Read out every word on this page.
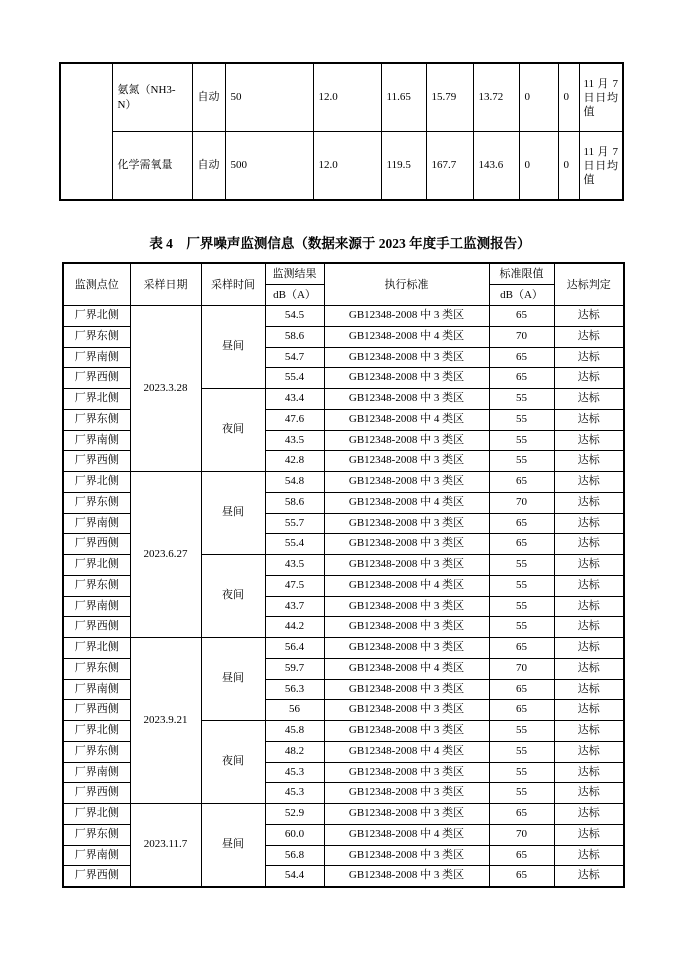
	氨氮（NH3-N）	自动	50	12.0	11.65	15.79	13.72	0	0	11 月 7 日日均值
	化学需氧量	自动	500	12.0	119.5	167.7	143.6	0	0	11 月 7 日日均值
表 4　厂界噪声监测信息（数据来源于 2023 年度手工监测报告）
监测点位	采样日期	采样时间	监测结果	执行标准	标准限值	达标判定
			dB（A）		dB（A）	
厂界北侧	2023.3.28	昼间	54.5	GB12348-2008 中 3 类区	65	达标
厂界东侧			58.6	GB12348-2008 中 4 类区	70	达标
厂界南侧			54.7	GB12348-2008 中 3 类区	65	达标
厂界西侧			55.4	GB12348-2008 中 3 类区	65	达标
厂界北侧		夜间	43.4	GB12348-2008 中 3 类区	55	达标
厂界东侧			47.6	GB12348-2008 中 4 类区	55	达标
厂界南侧			43.5	GB12348-2008 中 3 类区	55	达标
厂界西侧			42.8	GB12348-2008 中 3 类区	55	达标
厂界北侧	2023.6.27	昼间	54.8	GB12348-2008 中 3 类区	65	达标
厂界东侧			58.6	GB12348-2008 中 4 类区	70	达标
厂界南侧			55.7	GB12348-2008 中 3 类区	65	达标
厂界西侧			55.4	GB12348-2008 中 3 类区	65	达标
厂界北侧		夜间	43.5	GB12348-2008 中 3 类区	55	达标
厂界东侧			47.5	GB12348-2008 中 4 类区	55	达标
厂界南侧			43.7	GB12348-2008 中 3 类区	55	达标
厂界西侧			44.2	GB12348-2008 中 3 类区	55	达标
厂界北侧	2023.9.21	昼间	56.4	GB12348-2008 中 3 类区	65	达标
厂界东侧			59.7	GB12348-2008 中 4 类区	70	达标
厂界南侧			56.3	GB12348-2008 中 3 类区	65	达标
厂界西侧			56	GB12348-2008 中 3 类区	65	达标
厂界北侧		夜间	45.8	GB12348-2008 中 3 类区	55	达标
厂界东侧			48.2	GB12348-2008 中 4 类区	55	达标
厂界南侧			45.3	GB12348-2008 中 3 类区	55	达标
厂界西侧			45.3	GB12348-2008 中 3 类区	55	达标
厂界北侧	2023.11.7	昼间	52.9	GB12348-2008 中 3 类区	65	达标
厂界东侧			60.0	GB12348-2008 中 4 类区	70	达标
厂界南侧			56.8	GB12348-2008 中 3 类区	65	达标
厂界西侧			54.4	GB12348-2008 中 3 类区	65	达标
